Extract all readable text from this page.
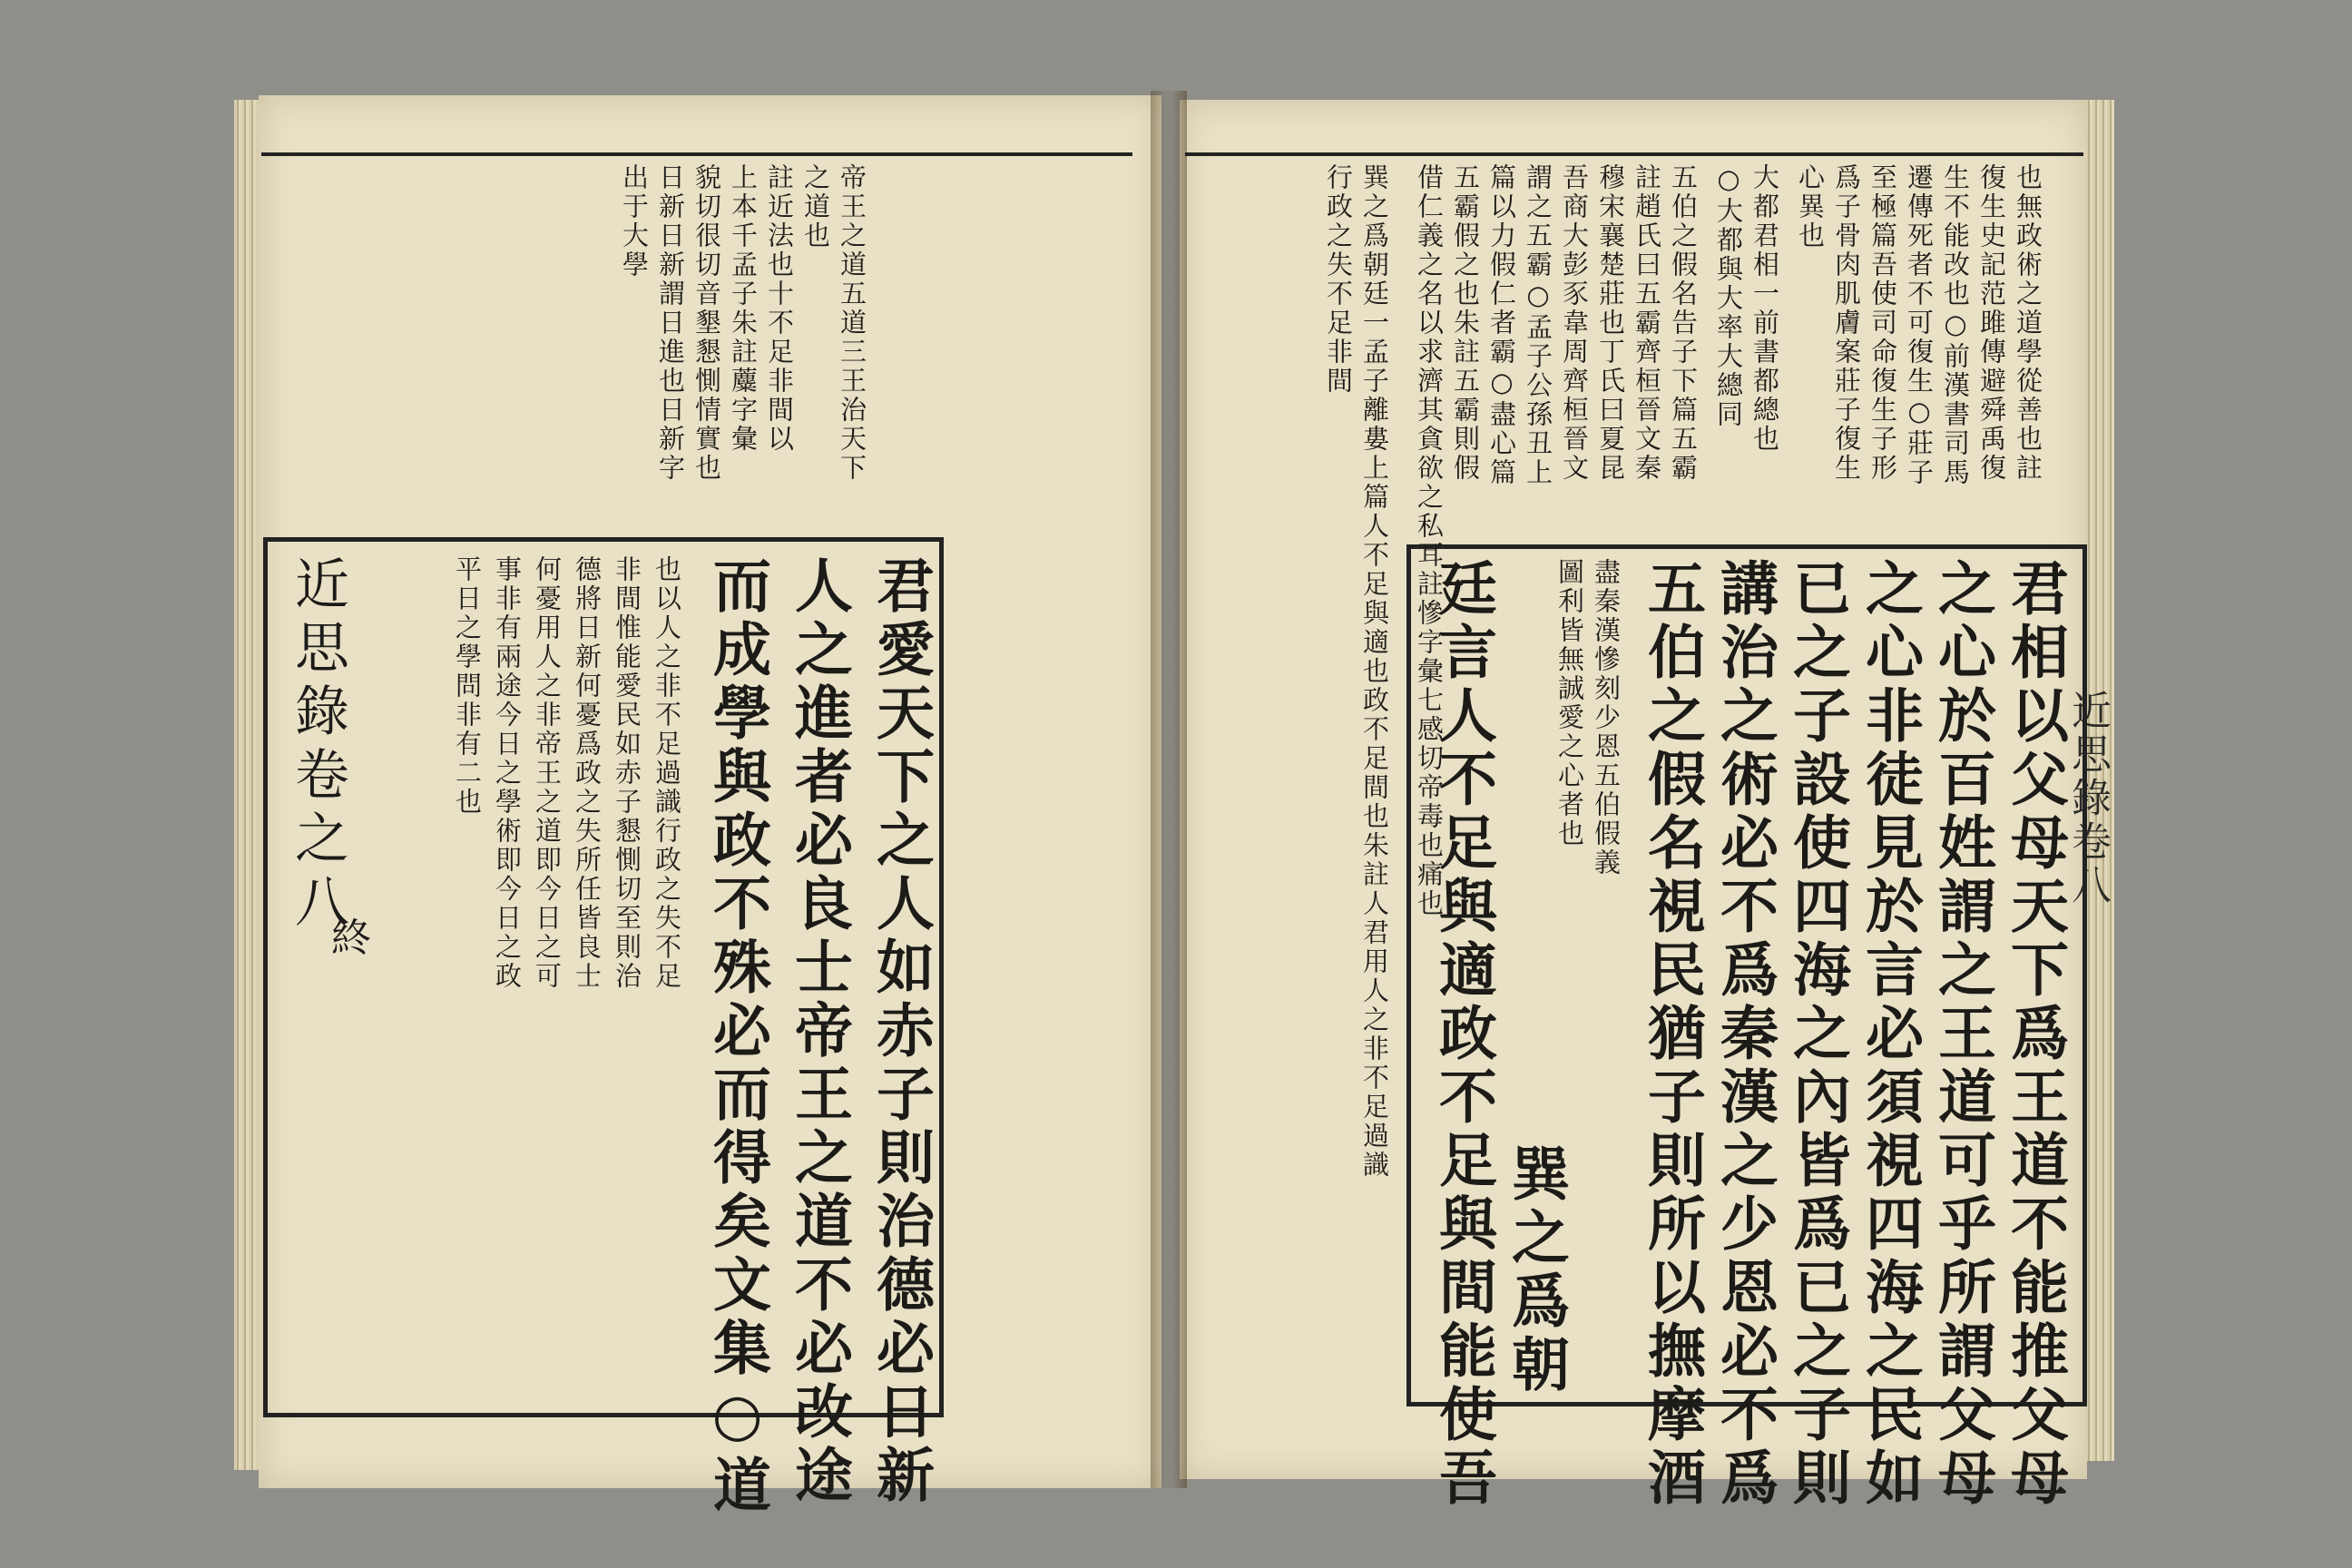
近思錄卷八
帝王之道五道三王治天下
之道也
註近法也十不足非間以
上本千孟子朱註蘪字彙
貌切很切音墾懇惻情實也
日新日新謂日進也日新字
出于大學
君愛天下之人如赤子則治德必日新
人之進者必良士帝王之道不必改途
而成學與政不殊必而得矣文集○道
也以人之非不足過識行政之失不足
非間惟能愛民如赤子懇惻切至則治
德將日新何憂爲政之失所任皆良士
何憂用人之非帝王之道即今日之可
事非有兩途今日之學術即今日之政
平日之學問非有二也
近思錄卷之八
終
也無政術之道學從善也註
復生史記范雎傳避舜禹復
生不能改也○前漢書司馬
遷傳死者不可復生○莊子
至極篇吾使司命復生子形
爲子骨肉肌膚案莊子復生
心異也
大都君相一前書都總也
○大都與大率大總同
五伯之假名告子下篇五霸
註趙氏曰五霸齊桓晉文秦
穆宋襄楚莊也丁氏曰夏昆
吾商大彭豕韋周齊桓晉文
謂之五霸○孟子公孫丑上
篇以力假仁者霸○盡心篇
五霸假之也朱註五霸則假
借仁義之名以求濟其貪欲之私耳註慘字彙七感切帝毒也痛也
巽之爲朝廷一孟子離婁上篇人不足與適也政不足間也朱註人君用人之非不足過識
行政之失不足非間
君相以父母天下爲王道不能推父母
之心於百姓謂之王道可乎所謂父母
之心非徒見於言必須視四海之民如
已之子設使四海之內皆爲已之子則
講治之術必不爲秦漢之少恩必不爲
五伯之假名視民猶子則所以撫摩酒
盡秦漢慘刻少恩五伯假義
圖利皆無誠愛之心者也
巽之爲朝
廷言人不足與適政不足與間能使吾
